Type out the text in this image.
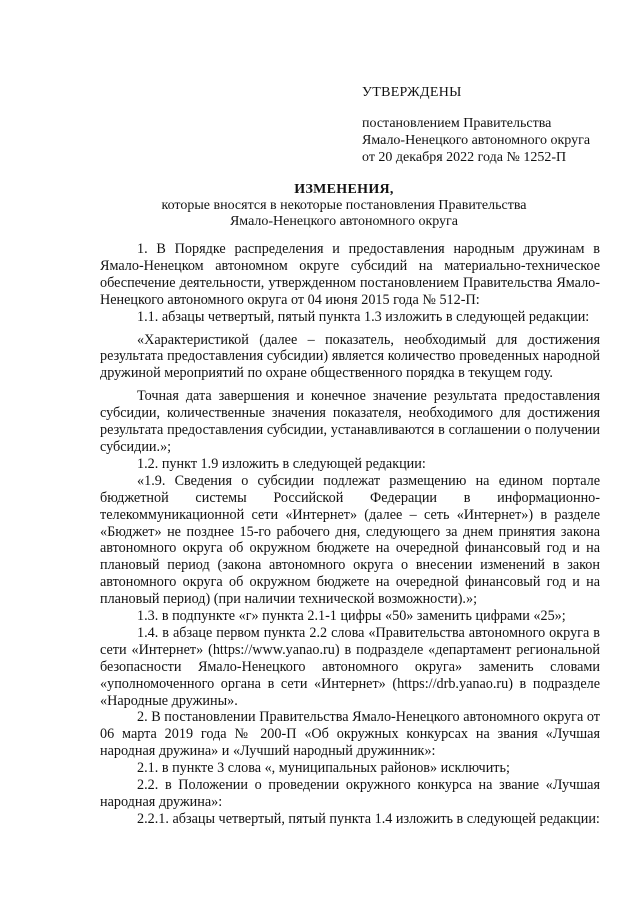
УТВЕРЖДЕНЫ
постановлением Правительства
Ямало-Ненецкого автономного округа
от 20 декабря 2022 года № 1252-П
ИЗМЕНЕНИЯ,
которые вносятся в некоторые постановления Правительства
Ямало-Ненецкого автономного округа

1. В Порядке распределения и предоставления народным дружинам в Ямало-Ненецком автономном округе субсидий на материально-техническое обеспечение деятельности, утвержденном постановлением Правительства Ямало-Ненецкого автономного округа от 04 июня 2015 года № 512-П:

1.1. абзацы четвертый, пятый пункта 1.3 изложить в следующей редакции:

«Характеристикой (далее – показатель, необходимый для достижения результата предоставления субсидии) является количество проведенных народной дружиной мероприятий по охране общественного порядка в текущем году.

Точная дата завершения и конечное значение результата предоставления субсидии, количественные значения показателя, необходимого для достижения результата предоставления субсидии, устанавливаются в соглашении о получении субсидии.»;

1.2. пункт 1.9 изложить в следующей редакции:

«1.9. Сведения о субсидии подлежат размещению на едином портале бюджетной системы Российской Федерации в информационно-телекоммуникационной сети «Интернет» (далее – сеть «Интернет») в разделе «Бюджет» не позднее 15-го рабочего дня, следующего за днем принятия закона автономного округа об окружном бюджете на очередной финансовый год и на плановый период (закона автономного округа о внесении изменений в закон автономного округа об окружном бюджете на очередной финансовый год и на плановый период) (при наличии технической возможности).»;

1.3. в подпункте «г» пункта 2.1-1 цифры «50» заменить цифрами «25»;

1.4. в абзаце первом пункта 2.2 слова «Правительства автономного округа в сети «Интернет» (https://www.yanao.ru) в подразделе «департамент региональной безопасности Ямало-Ненецкого автономного округа» заменить словами «уполномоченного органа в сети «Интернет» (https://drb.yanao.ru) в подразделе «Народные дружины».

2. В постановлении Правительства Ямало-Ненецкого автономного округа от 06 марта 2019 года № 200-П «Об окружных конкурсах на звания «Лучшая народная дружина» и «Лучший народный дружинник»:

2.1. в пункте 3 слова «, муниципальных районов» исключить;

2.2. в Положении о проведении окружного конкурса на звание «Лучшая народная дружина»:

2.2.1. абзацы четвертый, пятый пункта 1.4 изложить в следующей редакции:
